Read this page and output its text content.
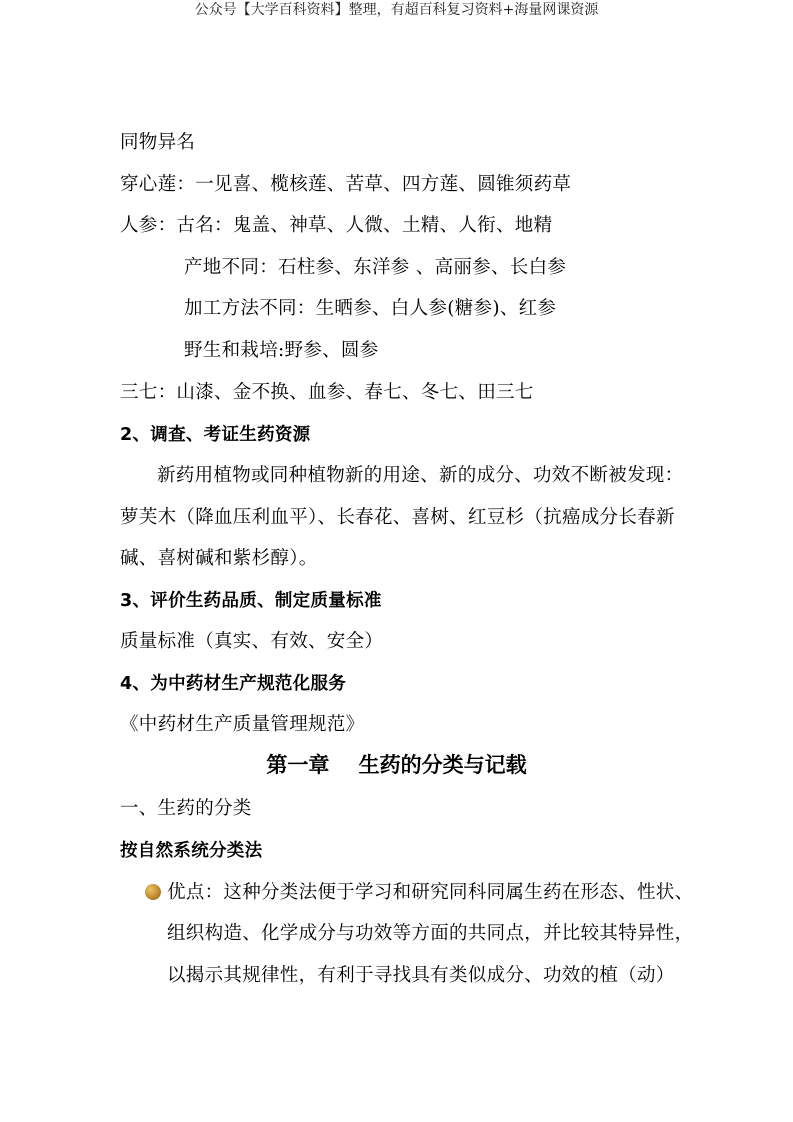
公众号【大学百科资料】整理，有超百科复习资料+海量网课资源
同物异名
穿心莲：一见喜、榄核莲、苦草、四方莲、圆锥须药草
人参：古名：鬼盖、神草、人微、土精、人衔、地精
产地不同：石柱参、东洋参 、高丽参、长白参
加工方法不同：生晒参、白人参(糖参)、红参
野生和栽培:野参、圆参
三七：山漆、金不换、血参、春七、冬七、田三七
2、调查、考证生药资源
新药用植物或同种植物新的用途、新的成分、功效不断被发现：
萝芙木（降血压利血平）、长春花、喜树、红豆杉（抗癌成分长春新
碱、喜树碱和紫杉醇）。
3、评价生药品质、制定质量标准
质量标准（真实、有效、安全）
4、为中药材生产规范化服务
《中药材生产质量管理规范》
第一章    生药的分类与记载
一、生药的分类
按自然系统分类法
优点：这种分类法便于学习和研究同科同属生药在形态、性状、
组织构造、化学成分与功效等方面的共同点，并比较其特异性，
以揭示其规律性，有利于寻找具有类似成分、功效的植（动）
